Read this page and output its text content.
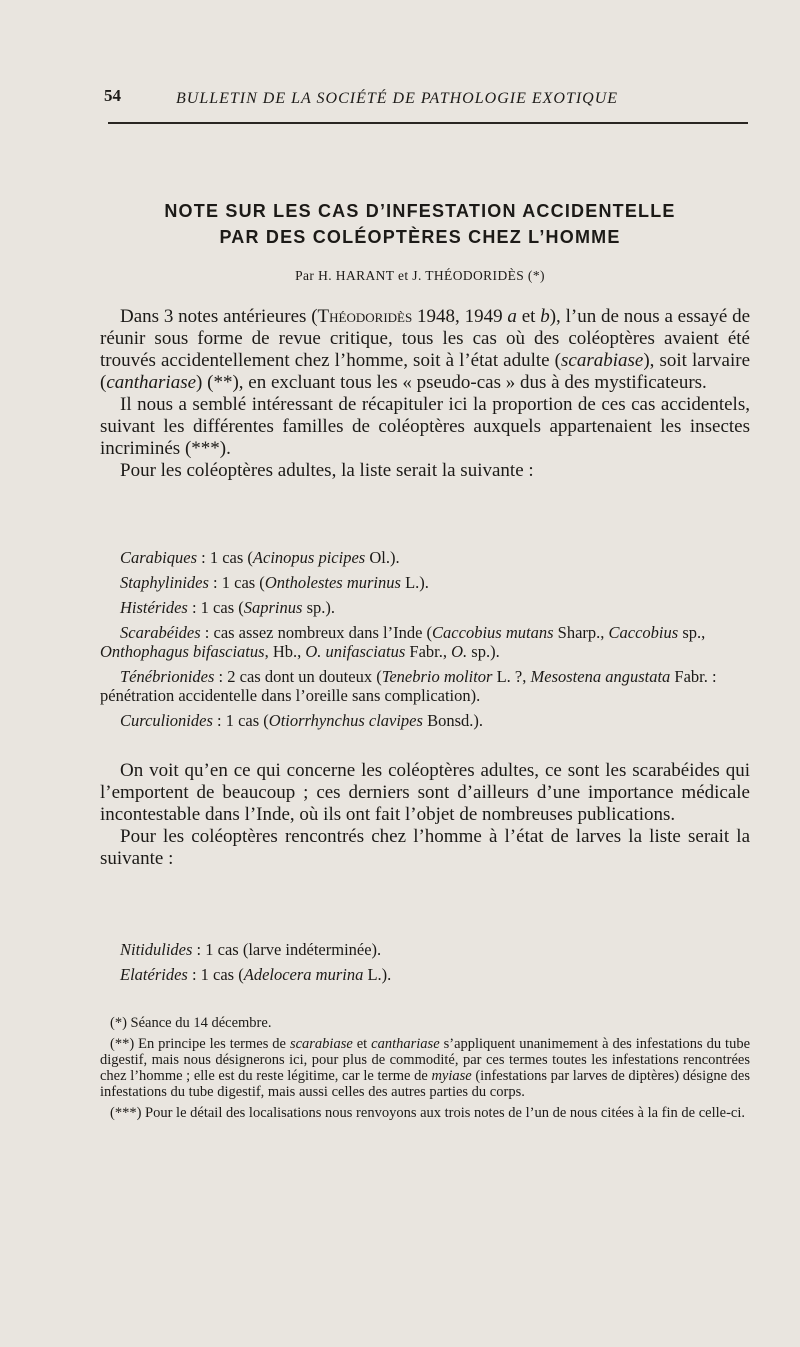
54	BULLETIN DE LA SOCIÉTÉ DE PATHOLOGIE EXOTIQUE
NOTE SUR LES CAS D’INFESTATION ACCIDENTELLE
PAR DES COLÉOPTÈRES CHEZ L’HOMME
Par H. HARANT et J. THÉODORIDÈS (*)

Dans 3 notes antérieures (Théodoridès 1948, 1949 a et b), l’un de nous a essayé de réunir sous forme de revue critique, tous les cas où des coléoptères avaient été trouvés accidentellement chez l’homme, soit à l’état adulte (scarabiase), soit larvaire (canthariase) (**), en excluant tous les « pseudo-cas » dus à des mystificateurs.

Il nous a semblé intéressant de récapituler ici la proportion de ces cas accidentels, suivant les différentes familles de coléoptères auxquels appartenaient les insectes incriminés (***).

Pour les coléoptères adultes, la liste serait la suivante :

Carabiques : 1 cas (Acinopus picipes Ol.).

Staphylinides : 1 cas (Ontholestes murinus L.).

Histérides : 1 cas (Saprinus sp.).

Scarabéides : cas assez nombreux dans l’Inde (Caccobius mutans Sharp., Caccobius sp., Onthophagus bifasciatus, Hb., O. unifasciatus Fabr., O. sp.).

Ténébrionides : 2 cas dont un douteux (Tenebrio molitor L. ?, Mesostena angustata Fabr. : pénétration accidentelle dans l’oreille sans complication).

Curculionides : 1 cas (Otiorrhynchus clavipes Bonsd.).

On voit qu’en ce qui concerne les coléoptères adultes, ce sont les scarabéides qui l’emportent de beaucoup ; ces derniers sont d’ailleurs d’une importance médicale incontestable dans l’Inde, où ils ont fait l’objet de nombreuses publications.

Pour les coléoptères rencontrés chez l’homme à l’état de larves la liste serait la suivante :

Nitidulides : 1 cas (larve indéterminée).

Elatérides : 1 cas (Adelocera murina L.).

(*) Séance du 14 décembre.

(**) En principe les termes de scarabiase et canthariase s’appliquent unanimement à des infestations du tube digestif, mais nous désignerons ici, pour plus de commodité, par ces termes toutes les infestations rencontrées chez l’homme ; elle est du reste légitime, car le terme de myiase (infestations par larves de diptères) désigne des infestations du tube digestif, mais aussi celles des autres parties du corps.

(***) Pour le détail des localisations nous renvoyons aux trois notes de l’un de nous citées à la fin de celle-ci.
